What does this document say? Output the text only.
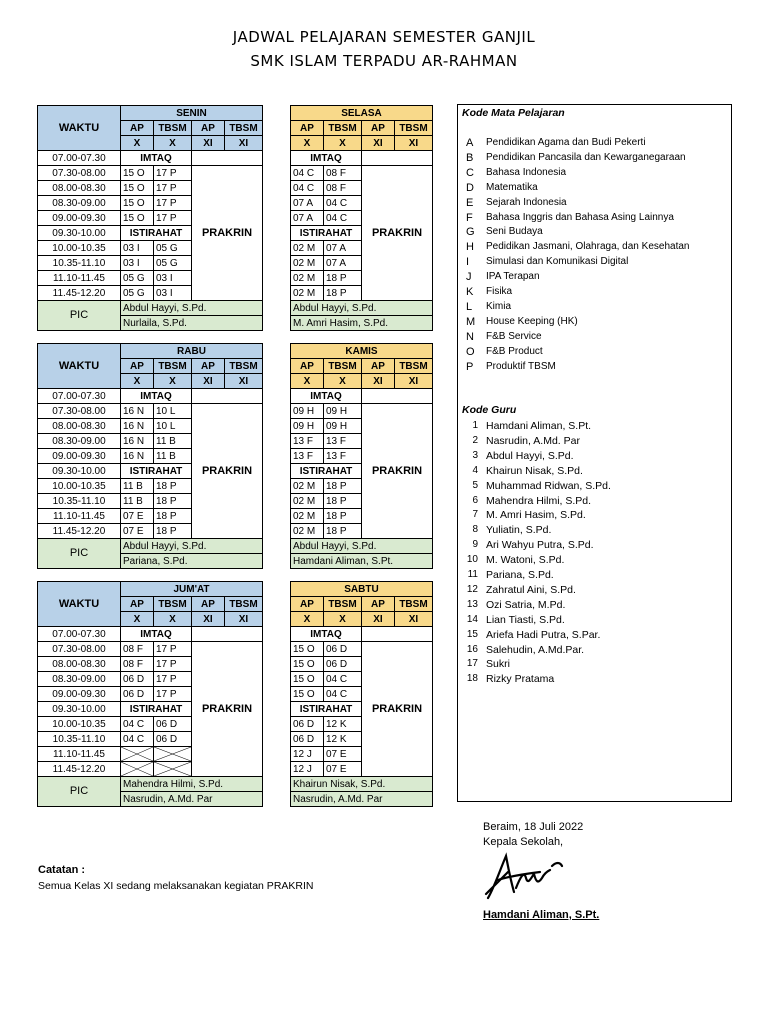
JADWAL PELAJARAN SEMESTER GANJIL
SMK ISLAM TERPADU AR-RAHMAN
WAKTU	SENIN			
	AP	TBSM	AP	TBSM
	X	X	XI	XI
07.00-07.30	IMTAQ			
07.30-08.00	15 O	17 P	PRAKRIN	
08.00-08.30	15 O	17 P		
08.30-09.00	15 O	17 P		
09.00-09.30	15 O	17 P		
09.30-10.00	ISTIRAHAT			
10.00-10.35	03 I	05 G		
10.35-11.10	03 I	05 G		
11.10-11.45	05 G	03 I		
11.45-12.20	05 G	03 I		
PIC	Abdul Hayyi, S.Pd.			
	Nurlaila, S.Pd.			
SELASA			
AP	TBSM	AP	TBSM
X	X	XI	XI
IMTAQ			
04 C	08 F	PRAKRIN	
04 C	08 F		
07 A	04 C		
07 A	04 C		
ISTIRAHAT			
02 M	07 A		
02 M	07 A		
02 M	18 P		
02 M	18 P		
Abdul Hayyi, S.Pd.			
M. Amri Hasim, S.Pd.			
WAKTU	RABU			
	AP	TBSM	AP	TBSM
	X	X	XI	XI
07.00-07.30	IMTAQ			
07.30-08.00	16 N	10 L	PRAKRIN	
08.00-08.30	16 N	10 L		
08.30-09.00	16 N	11 B		
09.00-09.30	16 N	11 B		
09.30-10.00	ISTIRAHAT			
10.00-10.35	11 B	18 P		
10.35-11.10	11 B	18 P		
11.10-11.45	07 E	18 P		
11.45-12.20	07 E	18 P		
PIC	Abdul Hayyi, S.Pd.			
	Pariana, S.Pd.			
KAMIS			
AP	TBSM	AP	TBSM
X	X	XI	XI
IMTAQ			
09 H	09 H	PRAKRIN	
09 H	09 H		
13 F	13 F		
13 F	13 F		
ISTIRAHAT			
02 M	18 P		
02 M	18 P		
02 M	18 P		
02 M	18 P		
Abdul Hayyi, S.Pd.			
Hamdani Aliman, S.Pt.			
WAKTU	JUM'AT			
	AP	TBSM	AP	TBSM
	X	X	XI	XI
07.00-07.30	IMTAQ			
07.30-08.00	08 F	17 P	PRAKRIN	
08.00-08.30	08 F	17 P		
08.30-09.00	06 D	17 P		
09.00-09.30	06 D	17 P		
09.30-10.00	ISTIRAHAT			
10.00-10.35	04 C	06 D		
10.35-11.10	04 C	06 D		
11.10-11.45	

11.45-12.20	

PIC	Mahendra Hilmi, S.Pd.			
	Nasrudin, A.Md. Par			
SABTU			
AP	TBSM	AP	TBSM
X	X	XI	XI
IMTAQ			
15 O	06 D	PRAKRIN	
15 O	06 D		
15 O	04 C		
15 O	04 C		
ISTIRAHAT			
06 D	12 K		
06 D	12 K		
12 J	07 E		
12 J	07 E		
Khairun Nisak, S.Pd.			
Nasrudin, A.Md. Par			
Kode Mata Pelajaran
A	Pendidikan Agama dan Budi Pekerti
B	Pendidikan Pancasila dan Kewarganegaraan
C	Bahasa Indonesia
D	Matematika
E	Sejarah Indonesia
F	Bahasa Inggris dan Bahasa Asing Lainnya
G	Seni Budaya
H	Pedidikan Jasmani, Olahraga, dan Kesehatan
I	Simulasi dan Komunikasi Digital
J	IPA Terapan
K	Fisika
L	Kimia
M	House Keeping (HK)
N	F&B Service
O	F&B Product
P	Produktif TBSM
Kode Guru
1 Hamdani Aliman, S.Pt.
2 Nasrudin, A.Md. Par
3 Abdul Hayyi, S.Pd.
4 Khairun Nisak, S.Pd.
5 Muhammad Ridwan, S.Pd.
6 Mahendra Hilmi, S.Pd.
7 M. Amri Hasim, S.Pd.
8 Yuliatin, S.Pd.
9 Ari Wahyu Putra, S.Pd.
10 M. Watoni, S.Pd.
11 Pariana, S.Pd.
12 Zahratul Aini, S.Pd.
13 Ozi Satria, M.Pd.
14 Lian Tiasti, S.Pd.
15 Ariefa Hadi Putra, S.Par.
16 Salehudin, A.Md.Par.
17 Sukri
18 Rizky Pratama
Catatan :
Semua Kelas XI sedang melaksanakan kegiatan PRAKRIN
Beraim, 18 Juli 2022
Kepala Sekolah,
Hamdani Aliman, S.Pt.
